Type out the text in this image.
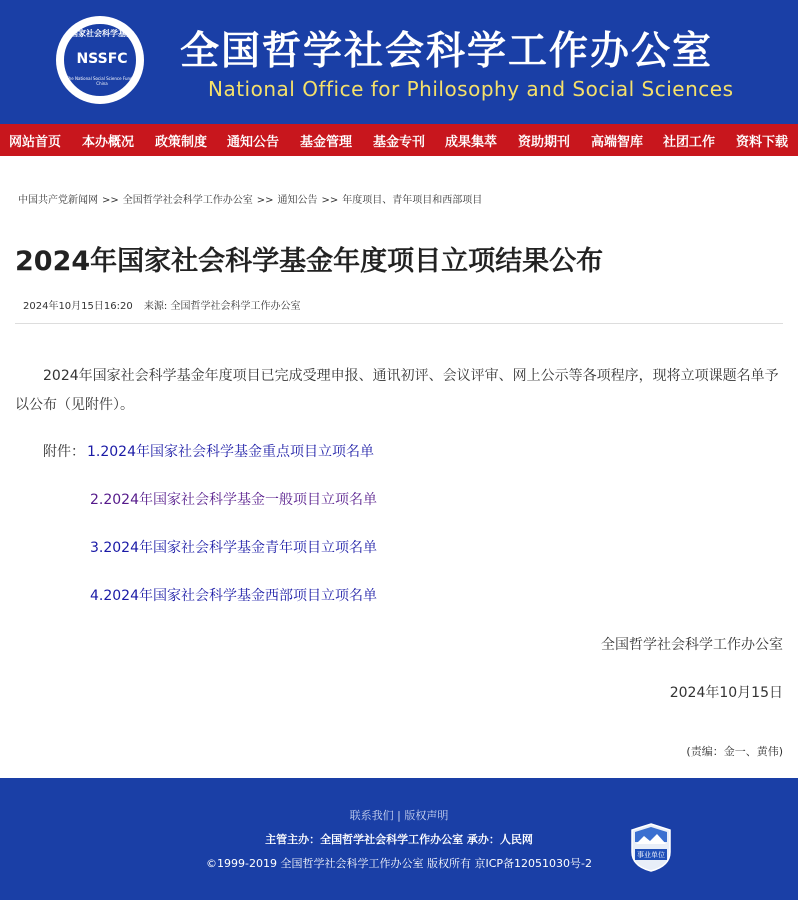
国家社会科学基金
NSSFC
The National Social Science Fund of China
全国哲学社会科学工作办公室
National Office for Philosophy and Social Sciences
网站首页 本办概况 政策制度 通知公告 基金管理 基金专刊 成果集萃 资助期刊 高端智库 社团工作 资料下载
中国共产党新闻网 >> 全国哲学社会科学工作办公室 >> 通知公告 >> 年度项目、青年项目和西部项目
2024年国家社会科学基金年度项目立项结果公布
2024年10月15日16:20 来源: 全国哲学社会科学工作办公室

2024年国家社会科学基金年度项目已完成受理申报、通讯初评、会议评审、网上公示等各项程序，现将立项课题名单予以公布（见附件）。

附件： 1.2024年国家社会科学基金重点项目立项名单
2.2024年国家社会科学基金一般项目立项名单
3.2024年国家社会科学基金青年项目立项名单
4.2024年国家社会科学基金西部项目立项名单
全国哲学社会科学工作办公室
2024年10月15日
(责编：金一、黄伟)
联系我们 | 版权声明
主管主办：全国哲学社会科学工作办公室 承办：人民网
©1999-2019 全国哲学社会科学工作办公室 版权所有 京ICP备12051030号-2
事业单位
